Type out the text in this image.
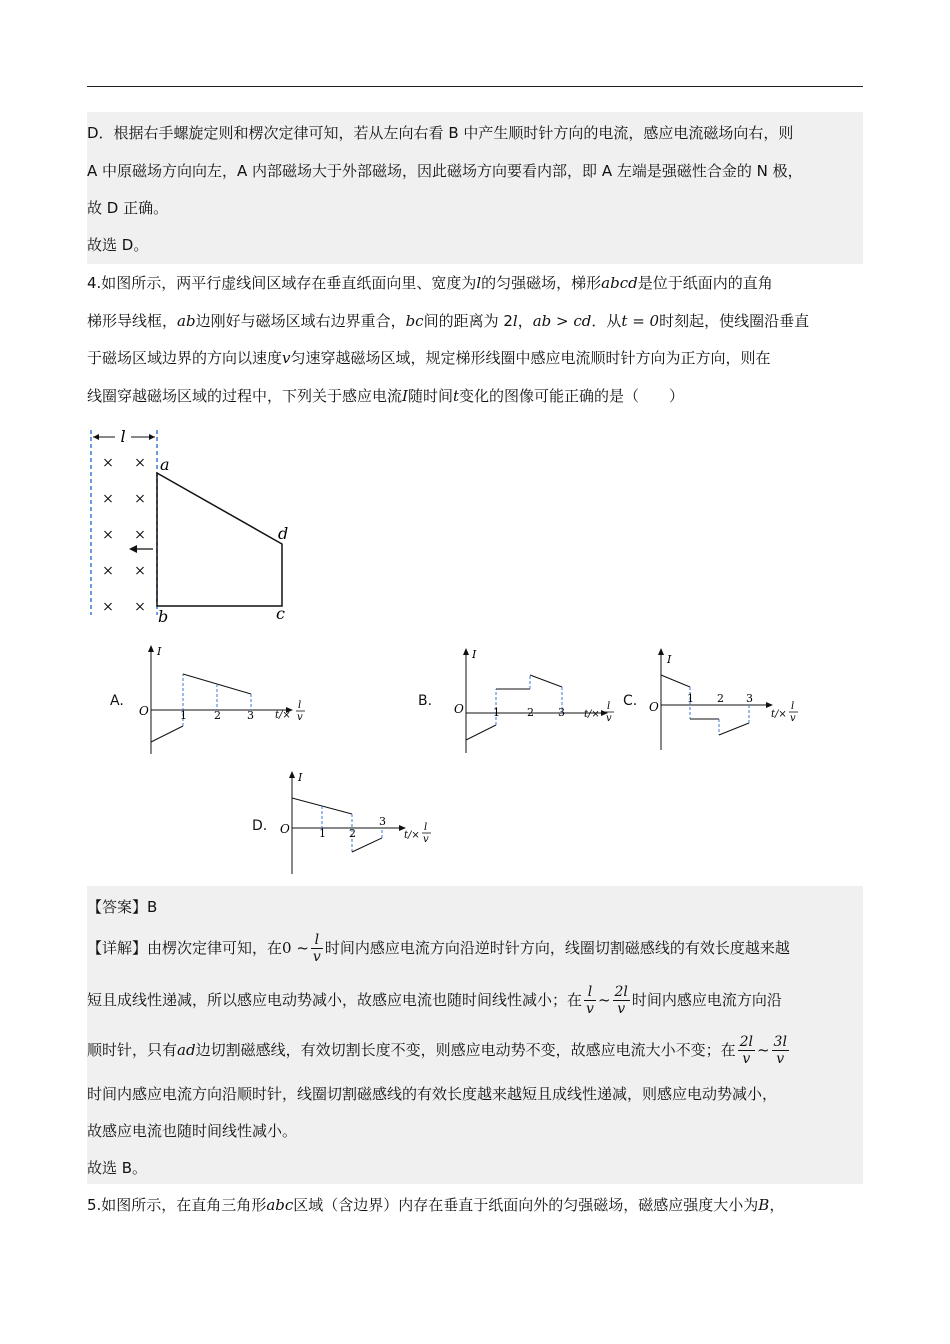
D．根据右手螺旋定则和楞次定律可知，若从左向右看 B 中产生顺时针方向的电流，感应电流磁场向右，则
A 中原磁场方向向左，A 内部磁场大于外部磁场，因此磁场方向要看内部，即 A 左端是强磁性合金的 N 极，
故 D 正确。
故选 D。
4.如图所示，两平行虚线间区域存在垂直纸面向里、宽度为l的匀强磁场，梯形abcd是位于纸面内的直角
梯形导线框，ab边刚好与磁场区域右边界重合，bc间的距离为 2l，ab > cd．从t = 0时刻起，使线圈沿垂直
于磁场区域边界的方向以速度v匀速穿越磁场区域，规定梯形线圈中感应电流顺时针方向为正方向，则在
线圈穿越磁场区域的过程中，下列关于感应电流I随时间t变化的图像可能正确的是（　　）
l
× ×
× ×
× ×
× ×
× ×
a
d
b	c
A.
I
O	1 2 3 t/×
l
v
B.
I
O	1 2 3 t/×
l
v
C.
I
O
1 2 3
t/×
l
v
D.
I
O	1 2
3
t/×
l
v
【答案】B
【详解】由楞次定律可知，在0 ~ $\frac{l}{v}$ 时间内感应电流方向沿逆时针方向，线圈切割磁感线的有效长度越来越
短且成线性递减，所以感应电动势减小，故感应电流也随时间线性减小；在 $\frac{l}{v}$ ~ $\frac{2l}{v}$ 时间内感应电流方向沿
顺时针，只有ad边切割磁感线，有效切割长度不变，则感应电动势不变，故感应电流大小不变；在 $\frac{2l}{v}$ ~ $\frac{3l}{v}$
时间内感应电流方向沿顺时针，线圈切割磁感线的有效长度越来越短且成线性递减，则感应电动势减小，
故感应电流也随时间线性减小。
故选 B。
5.如图所示，在直角三角形abc区域（含边界）内存在垂直于纸面向外的匀强磁场，磁感应强度大小为B，
